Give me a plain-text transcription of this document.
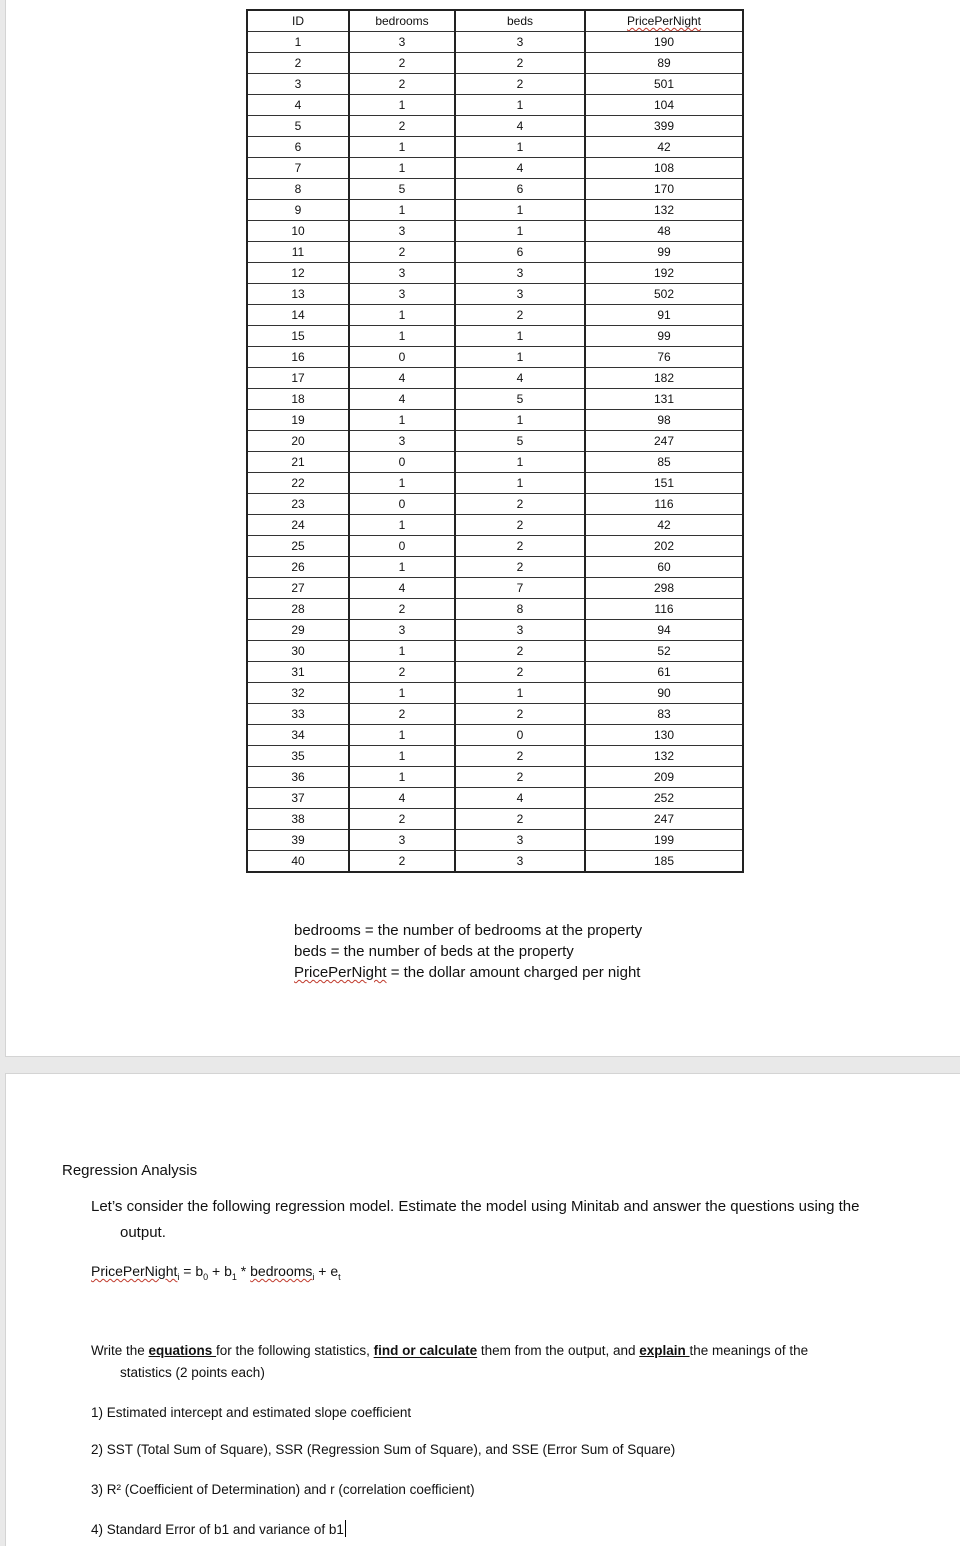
ID	bedrooms	beds	PricePerNight
1	3	3	190
2	2	2	89
3	2	2	501
4	1	1	104
5	2	4	399
6	1	1	42
7	1	4	108
8	5	6	170
9	1	1	132
10	3	1	48
11	2	6	99
12	3	3	192
13	3	3	502
14	1	2	91
15	1	1	99
16	0	1	76
17	4	4	182
18	4	5	131
19	1	1	98
20	3	5	247
21	0	1	85
22	1	1	151
23	0	2	116
24	1	2	42
25	0	2	202
26	1	2	60
27	4	7	298
28	2	8	116
29	3	3	94
30	1	2	52
31	2	2	61
32	1	1	90
33	2	2	83
34	1	0	130
35	1	2	132
36	1	2	209
37	4	4	252
38	2	2	247
39	3	3	199
40	2	3	185
bedrooms = the number of bedrooms at the property
beds = the number of beds at the property
PricePerNight = the dollar amount charged per night
Regression Analysis
Let’s consider the following regression model. Estimate the model using Minitab and answer the questions using the
output.
PricePerNight$_i$ = $b_0 + b_1$ * bedrooms$_i$ + $e_t$
Write the equations for the following statistics, find or calculate them from the output, and explain the meanings of the
statistics (2 points each)
1) Estimated intercept and estimated slope coefficient
2) SST (Total Sum of Square), SSR (Regression Sum of Square), and SSE (Error Sum of Square)
3) R² (Coefficient of Determination) and r (correlation coefficient)
4) Standard Error of b1 and variance of b1
